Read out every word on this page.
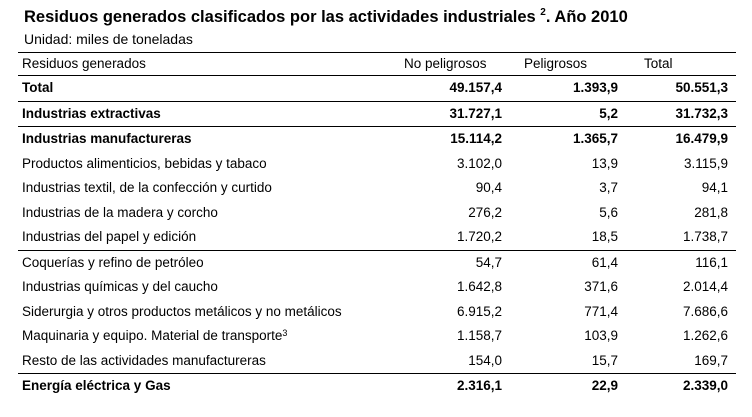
Residuos generados clasificados por las actividades industriales $^2$. Año 2010
Unidad: miles de toneladas
Residuos generados	No peligrosos	Peligrosos	Total
Total	49.157,4	1.393,9	50.551,3
Industrias extractivas	31.727,1	5,2	31.732,3
Industrias manufactureras	15.114,2	1.365,7	16.479,9
Productos alimenticios, bebidas y tabaco	3.102,0	13,9	3.115,9
Industrias textil, de la confección y curtido	90,4	3,7	94,1
Industrias de la madera y corcho	276,2	5,6	281,8
Industrias del papel y edición	1.720,2	18,5	1.738,7
Coquerías y refino de petróleo	54,7	61,4	116,1
Industrias químicas y del caucho	1.642,8	371,6	2.014,4
Siderurgia y otros productos metálicos y no metálicos	6.915,2	771,4	7.686,6
Maquinaria y equipo. Material de transporte$^3$	1.158,7	103,9	1.262,6
Resto de las actividades manufactureras	154,0	15,7	169,7
Energía eléctrica y Gas	2.316,1	22,9	2.339,0
